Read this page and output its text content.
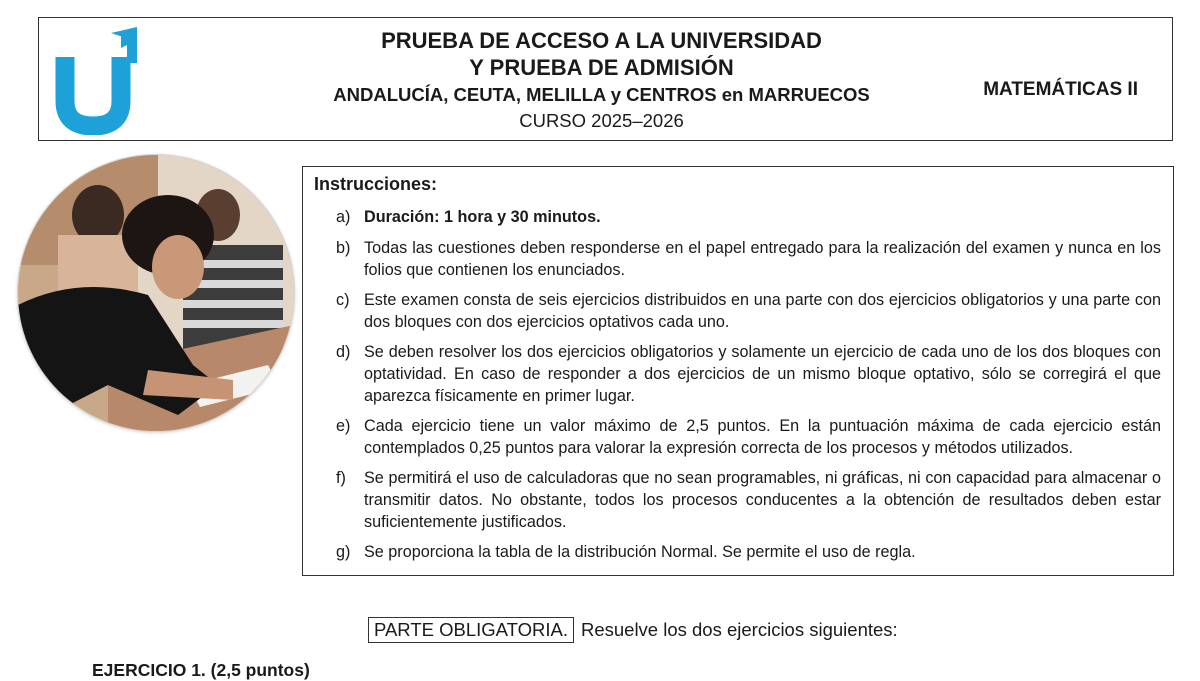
PRUEBA DE ACCESO A LA UNIVERSIDAD
Y PRUEBA DE ADMISIÓN
ANDALUCÍA, CEUTA, MELILLA y CENTROS en MARRUECOS
CURSO 2025–2026
MATEMÁTICAS II
Instrucciones:
a) Duración: 1 hora y 30 minutos.
b) Todas las cuestiones deben responderse en el papel entregado para la realización del examen y nunca en los folios que contienen los enunciados.
c) Este examen consta de seis ejercicios distribuidos en una parte con dos ejercicios obligatorios y una parte con dos bloques con dos ejercicios optativos cada uno.
d) Se deben resolver los dos ejercicios obligatorios y solamente un ejercicio de cada uno de los dos bloques con optatividad. En caso de responder a dos ejercicios de un mismo bloque optativo, sólo se corregirá el que aparezca físicamente en primer lugar.
e) Cada ejercicio tiene un valor máximo de 2,5 puntos. En la puntuación máxima de cada ejercicio están contemplados 0,25 puntos para valorar la expresión correcta de los procesos y métodos utilizados.
f) Se permitirá el uso de calculadoras que no sean programables, ni gráficas, ni con capacidad para almacenar o transmitir datos. No obstante, todos los procesos conducentes a la obtención de resultados deben estar suficientemente justificados.
g) Se proporciona la tabla de la distribución Normal. Se permite el uso de regla.
PARTE OBLIGATORIA. Resuelve los dos ejercicios siguientes:
EJERCICIO 1. (2,5 puntos)
